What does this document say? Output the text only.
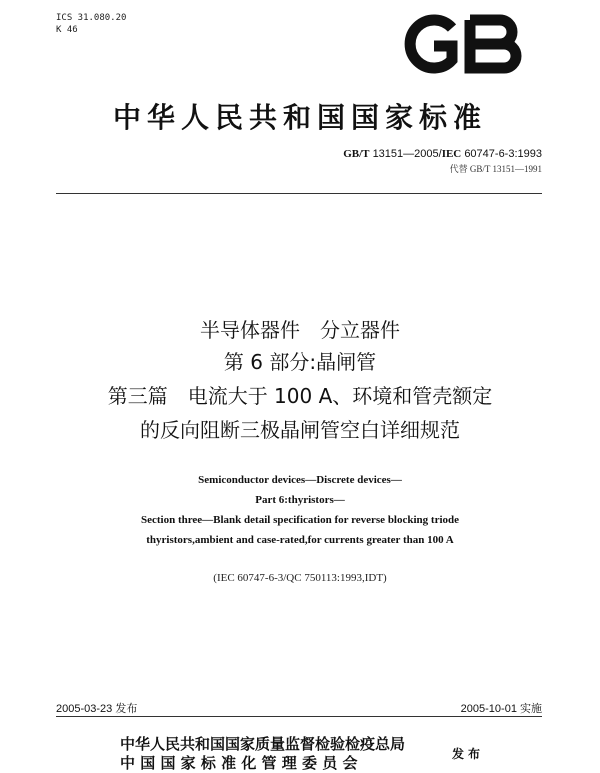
ICS 31.080.20
K 46
中华人民共和国国家标准
GB/T 13151—2005/IEC 60747-6-3:1993
代替 GB/T 13151—1991
半导体器件　分立器件
第 6 部分:晶闸管
第三篇　电流大于 100 A、环境和管壳额定
的反向阻断三极晶闸管空白详细规范
Semiconductor devices—Discrete devices—
Part 6:thyristors—
Section three—Blank detail specification for reverse blocking triode
thyristors,ambient and case-rated,for currents greater than 100 A
(IEC 60747-6-3/QC 750113:1993,IDT)
2005-03-23 发布	2005-10-01 实施
中华人民共和国国家质量监督检验检疫总局
中 国 国 家 标 准 化 管 理 委 员 会	发布
